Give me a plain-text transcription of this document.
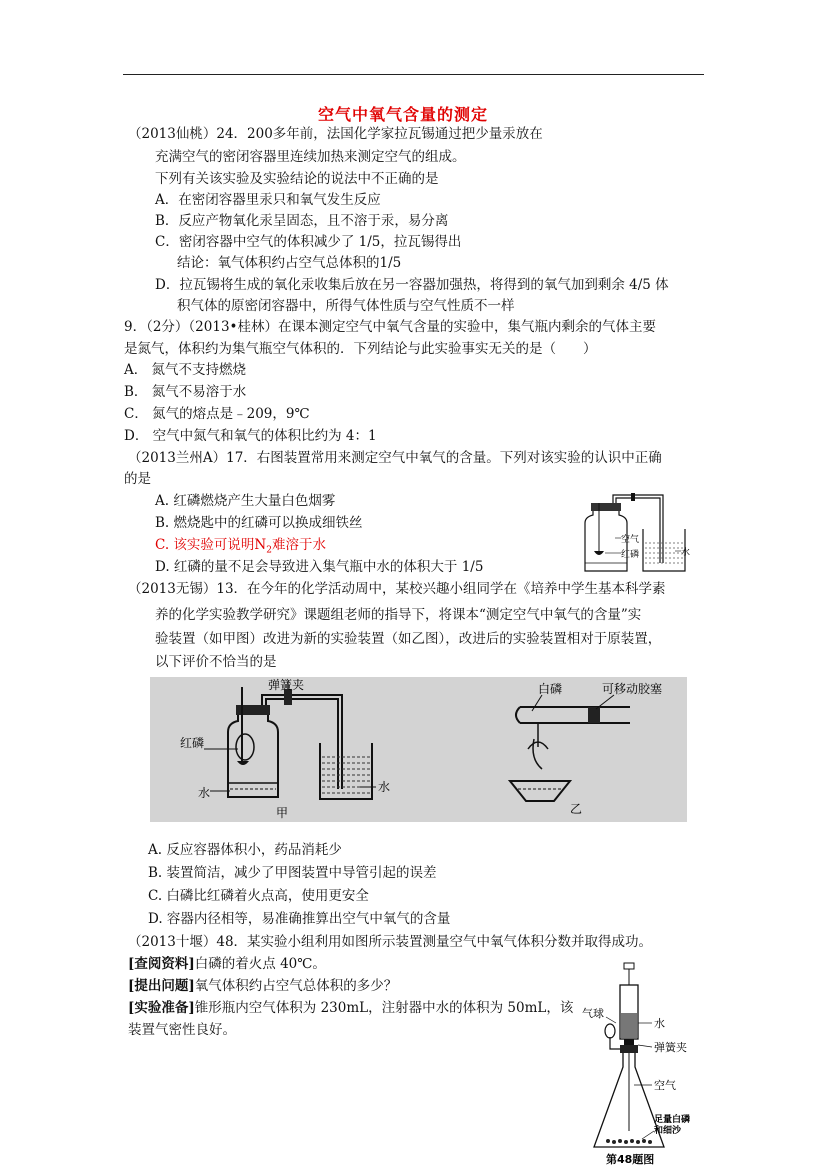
空气中氧气含量的测定
（2013仙桃）24．200多年前，法国化学家拉瓦锡通过把少量汞放在
充满空气的密闭容器里连续加热来测定空气的组成。
下列有关该实验及实验结论的说法中不正确的是
A．在密闭容器里汞只和氧气发生反应
B．反应产物氧化汞呈固态，且不溶于汞，易分离
C．密闭容器中空气的体积减少了 1/5，拉瓦锡得出
结论：氧气体积约占空气总体积的1/5
D．拉瓦锡将生成的氧化汞收集后放在另一容器加强热，将得到的氧气加到剩余 4/5 体
积气体的原密闭容器中，所得气体性质与空气性质不一样
9．（2分）（2013•桂林）在课本测定空气中氧气含量的实验中，集气瓶内剩余的气体主要
是氮气，体积约为集气瓶空气体积的．下列结论与此实验事实无关的是（　　）
A． 氮气不支持燃烧
B． 氮气不易溶于水
C． 氮气的熔点是﹣209，9℃
D． 空气中氮气和氧气的体积比约为 4：1
（2013兰州A）17．右图装置常用来测定空气中氧气的含量。下列对该实验的认识中正确
的是
A. 红磷燃烧产生大量白色烟雾
B. 燃烧匙中的红磷可以换成细铁丝
C. 该实验可说明$N_2$难溶于水
D. 红磷的量不足会导致进入集气瓶中水的体积大于 1/5
空气
红磷	水
（2013无锡）13．在今年的化学活动周中，某校兴趣小组同学在《培养中学生基本科学素
养的化学实验教学研究》课题组老师的指导下，将课本“测定空气中氧气的含量”实
验装置（如甲图）改进为新的实验装置（如乙图），改进后的实验装置相对于原装置，
以下评价不恰当的是
弹簧夹
红磷
水	水
甲
白磷	可移动胶塞
乙
A. 反应容器体积小，药品消耗少
B. 装置简洁，减少了甲图装置中导管引起的误差
C. 白磷比红磷着火点高，使用更安全
D. 容器内径相等，易准确推算出空气中氧气的含量
（2013十堰）48．某实验小组利用如图所示装置测量空气中氧气体积分数并取得成功。
[查阅资料]白磷的着火点 40℃。
[提出问题]氧气体积约占空气总体积的多少？
[实验准备]锥形瓶内空气体积为 230mL，注射器中水的体积为 50mL，该
装置气密性良好。
气球
水
弹簧夹
空气
足量白磷
和细沙
第48题图
